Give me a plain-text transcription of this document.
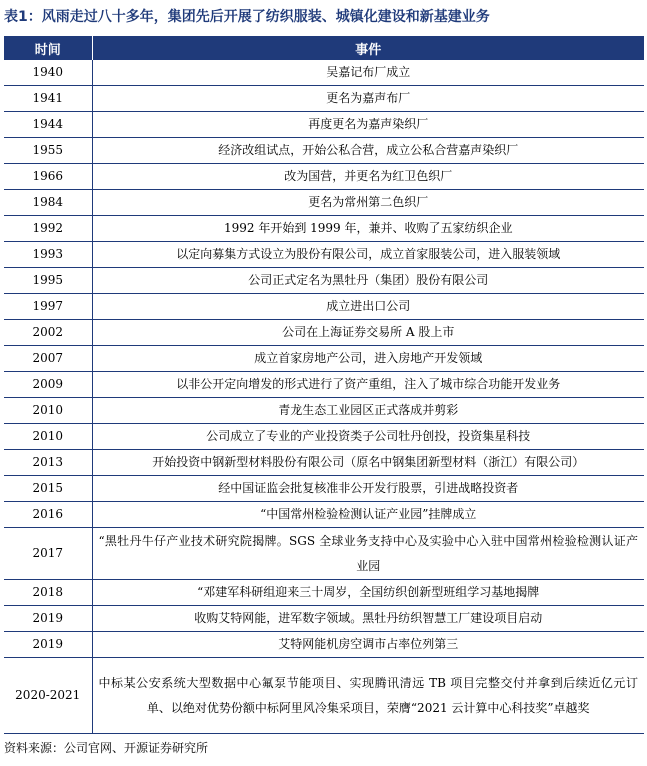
表1：风雨走过八十多年，集团先后开展了纺织服装、城镇化建设和新基建业务
时间	事件
1940	吴嘉记布厂成立
1941	更名为嘉声布厂
1944	再度更名为嘉声染织厂
1955	经济改组试点，开始公私合营，成立公私合营嘉声染织厂
1966	改为国营，并更名为红卫色织厂
1984	更名为常州第二色织厂
1992	1992 年开始到 1999 年，兼并、收购了五家纺织企业
1993	以定向募集方式设立为股份有限公司，成立首家服装公司，进入服装领域
1995	公司正式定名为黑牡丹（集团）股份有限公司
1997	成立进出口公司
2002	公司在上海证券交易所 A 股上市
2007	成立首家房地产公司，进入房地产开发领域
2009	以非公开定向增发的形式进行了资产重组，注入了城市综合功能开发业务
2010	青龙生态工业园区正式落成并剪彩
2010	公司成立了专业的产业投资类子公司牡丹创投，投资集星科技
2013	开始投资中钢新型材料股份有限公司（原名中钢集团新型材料（浙江）有限公司）
2015	经中国证监会批复核准非公开发行股票，引进战略投资者
2016	“中国常州检验检测认证产业园”挂牌成立
2017	“黑牡丹牛仔产业技术研究院揭牌。SGS 全球业务支持中心及实验中心入驻中国常州检验检测认证产业园
2018	“邓建军科研组迎来三十周岁，全国纺织创新型班组学习基地揭牌
2019	收购艾特网能，进军数字领域。黑牡丹纺织智慧工厂建设项目启动
2019	艾特网能机房空调市占率位列第三
2020-2021	中标某公安系统大型数据中心氟泵节能项目、实现腾讯清远 TB 项目完整交付并拿到后续近亿元订单、以绝对优势份额中标阿里风冷集采项目，荣膺“2021 云计算中心科技奖”卓越奖
资料来源：公司官网、开源证券研究所
